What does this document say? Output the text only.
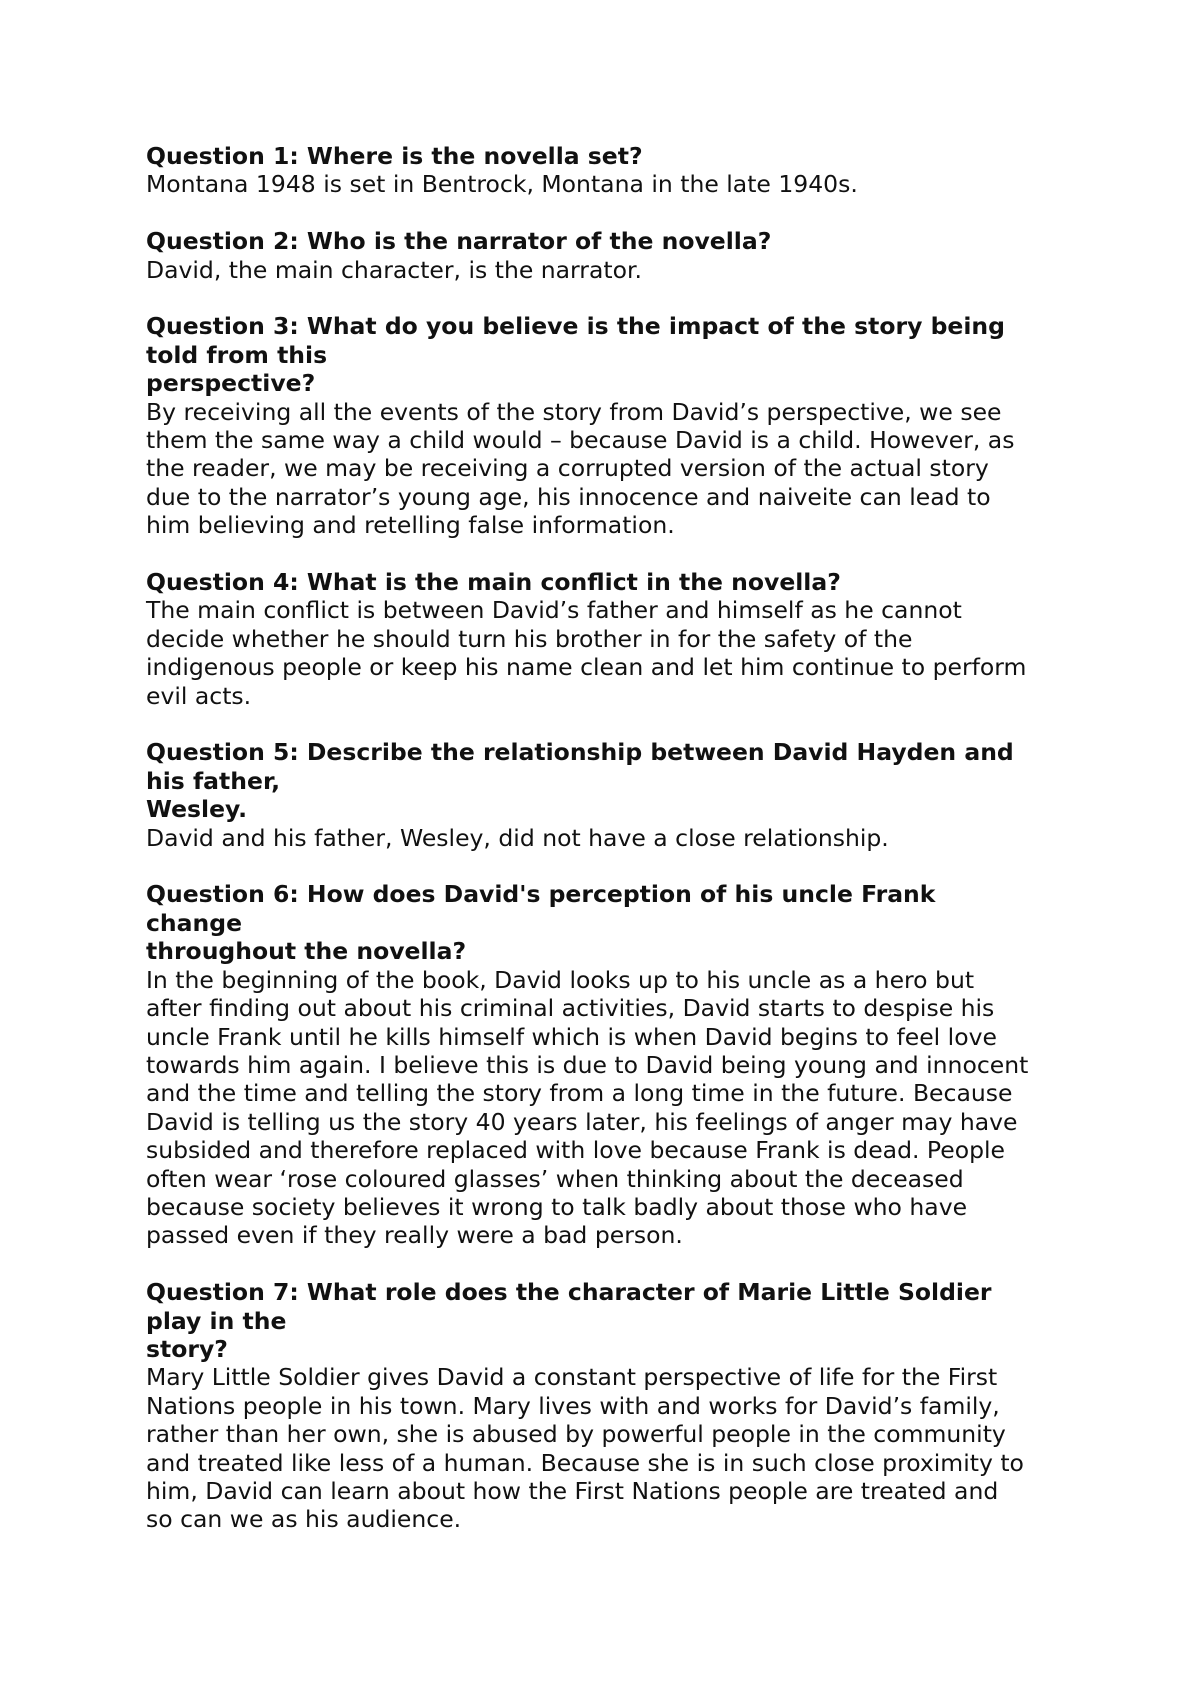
Question 1: Where is the novella set?
Montana 1948 is set in Bentrock, Montana in the late 1940s.
Question 2: Who is the narrator of the novella?
David, the main character, is the narrator.
Question 3: What do you believe is the impact of the story being
told from this
perspective?
By receiving all the events of the story from David’s perspective, we see
them the same way a child would – because David is a child. However, as
the reader, we may be receiving a corrupted version of the actual story
due to the narrator’s young age, his innocence and naiveite can lead to
him believing and retelling false information.
Question 4: What is the main conflict in the novella?
The main conflict is between David’s father and himself as he cannot
decide whether he should turn his brother in for the safety of the
indigenous people or keep his name clean and let him continue to perform
evil acts.
Question 5: Describe the relationship between David Hayden and
his father,
Wesley.
David and his father, Wesley, did not have a close relationship.
Question 6: How does David's perception of his uncle Frank
change
throughout the novella?
In the beginning of the book, David looks up to his uncle as a hero but
after finding out about his criminal activities, David starts to despise his
uncle Frank until he kills himself which is when David begins to feel love
towards him again. I believe this is due to David being young and innocent
and the time and telling the story from a long time in the future. Because
David is telling us the story 40 years later, his feelings of anger may have
subsided and therefore replaced with love because Frank is dead. People
often wear ‘rose coloured glasses’ when thinking about the deceased
because society believes it wrong to talk badly about those who have
passed even if they really were a bad person.
Question 7: What role does the character of Marie Little Soldier
play in the
story?
Mary Little Soldier gives David a constant perspective of life for the First
Nations people in his town. Mary lives with and works for David’s family,
rather than her own, she is abused by powerful people in the community
and treated like less of a human. Because she is in such close proximity to
him, David can learn about how the First Nations people are treated and
so can we as his audience.
